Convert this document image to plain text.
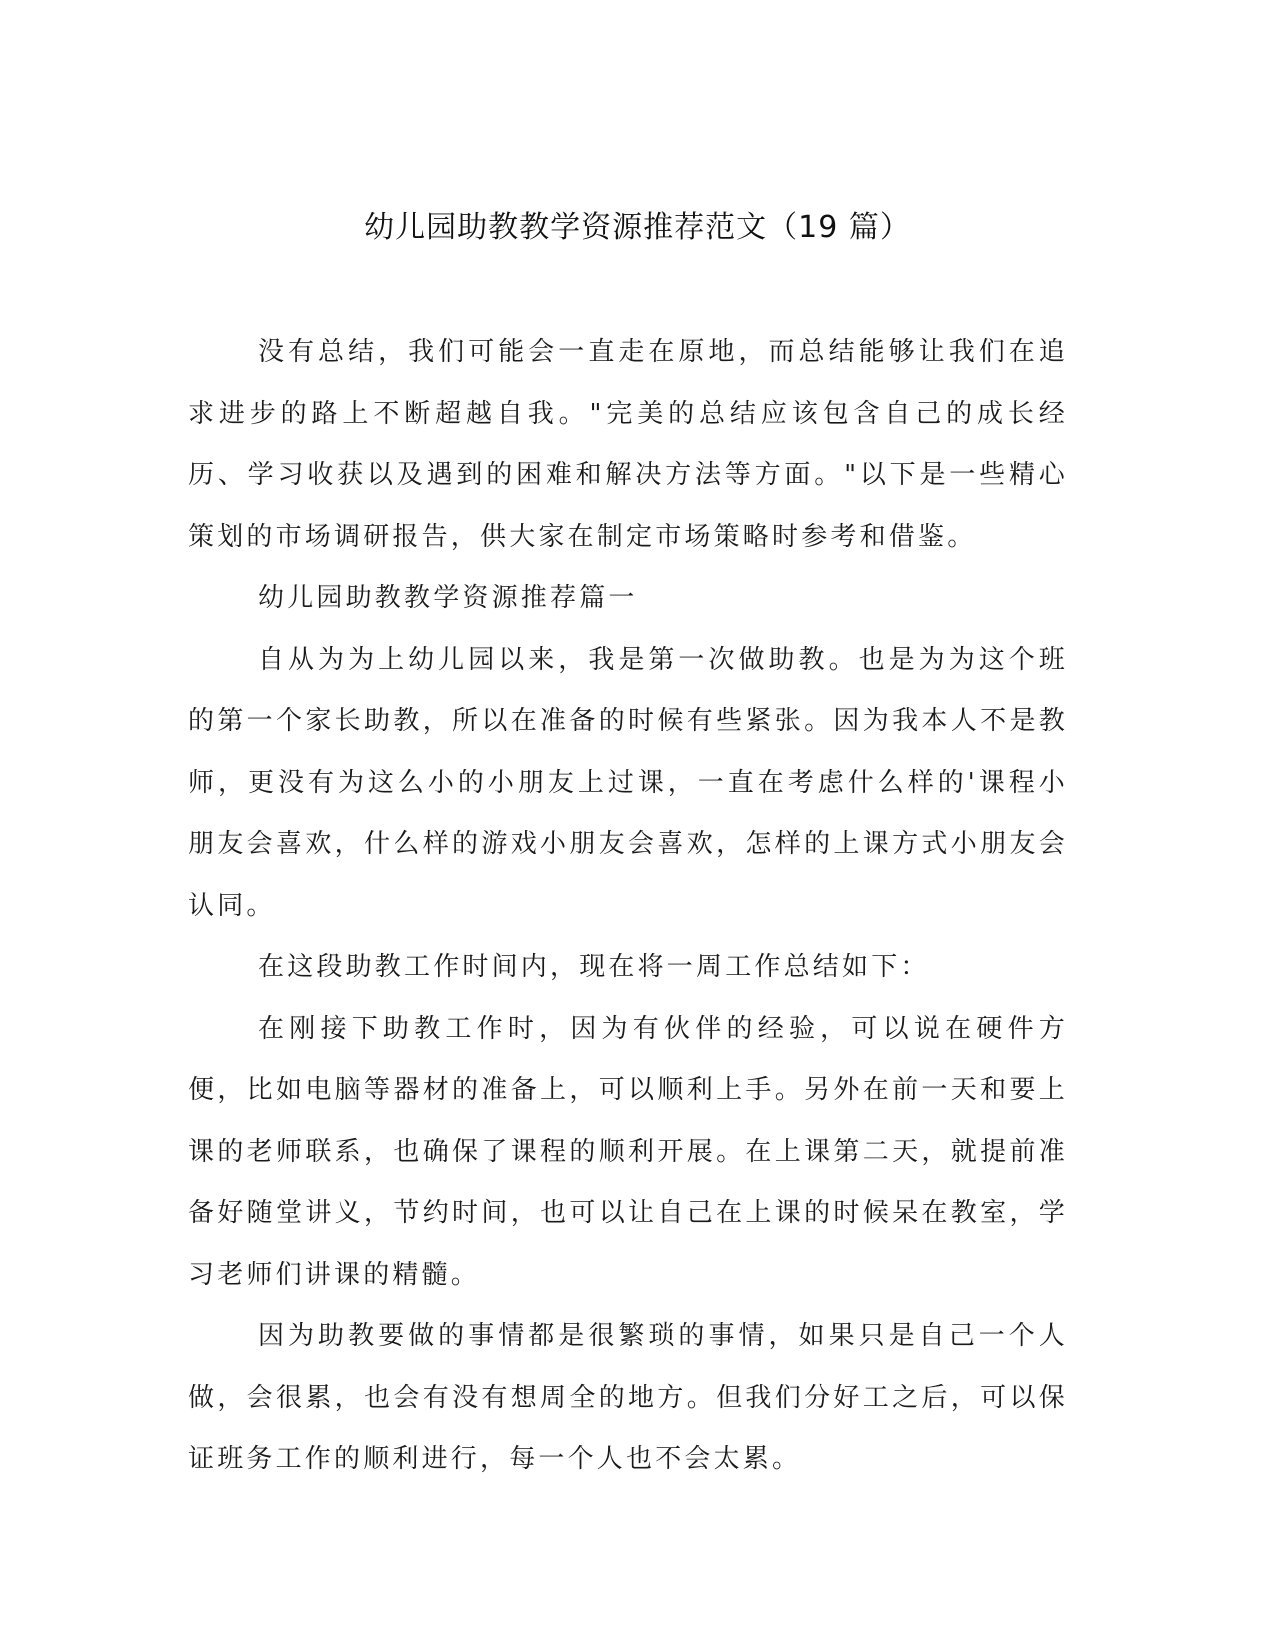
幼儿园助教教学资源推荐范文（19 篇）

没有总结，我们可能会一直走在原地，而总结能够让我们在追求进步的路上不断超越自我。"完美的总结应该包含自己的成长经历、学习收获以及遇到的困难和解决方法等方面。"以下是一些精心策划的市场调研报告，供大家在制定市场策略时参考和借鉴。

幼儿园助教教学资源推荐篇一

自从为为上幼儿园以来，我是第一次做助教。也是为为这个班的第一个家长助教，所以在准备的时候有些紧张。因为我本人不是教师，更没有为这么小的小朋友上过课，一直在考虑什么样的'课程小朋友会喜欢，什么样的游戏小朋友会喜欢，怎样的上课方式小朋友会认同。

在这段助教工作时间内，现在将一周工作总结如下：

在刚接下助教工作时，因为有伙伴的经验，可以说在硬件方便，比如电脑等器材的准备上，可以顺利上手。另外在前一天和要上课的老师联系，也确保了课程的顺利开展。在上课第二天，就提前准备好随堂讲义，节约时间，也可以让自己在上课的时候呆在教室，学习老师们讲课的精髓。

因为助教要做的事情都是很繁琐的事情，如果只是自己一个人做，会很累，也会有没有想周全的地方。但我们分好工之后，可以保证班务工作的顺利进行，每一个人也不会太累。
